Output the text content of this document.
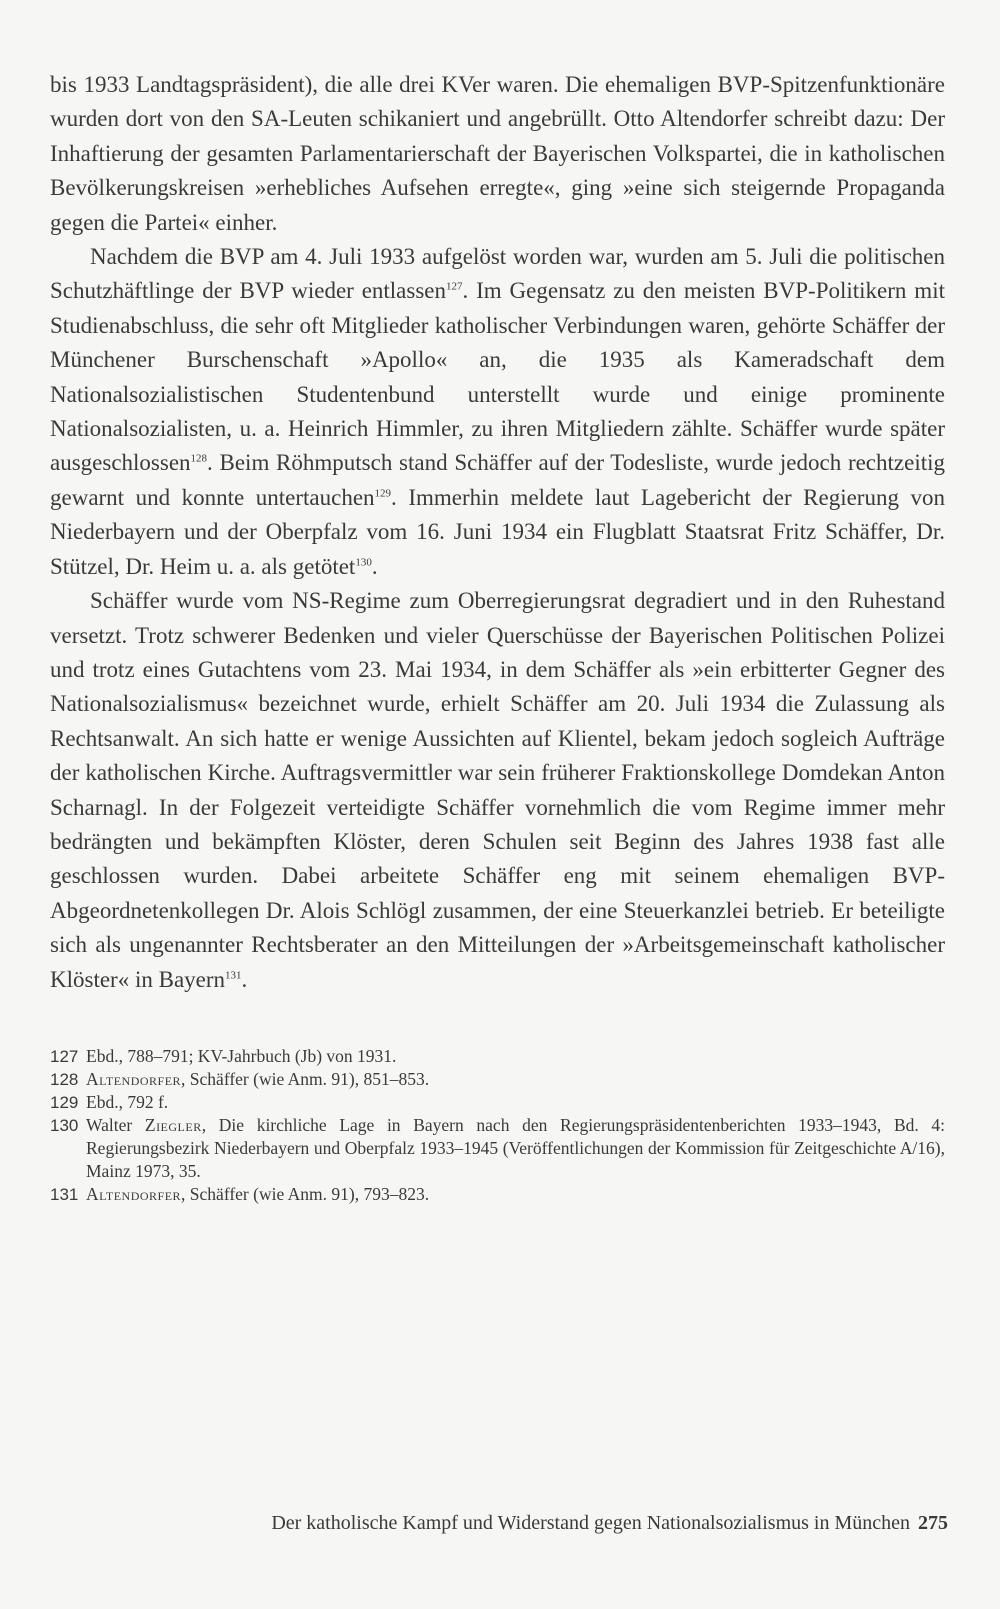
bis 1933 Landtagspräsident), die alle drei KVer waren. Die ehemaligen BVP-Spitzenfunktionäre wurden dort von den SA-Leuten schikaniert und angebrüllt. Otto Altendorfer schreibt dazu: Der Inhaftierung der gesamten Parlamentarierschaft der Bayerischen Volkspartei, die in katholischen Bevölkerungskreisen »erhebliches Aufsehen erregte«, ging »eine sich steigernde Propaganda gegen die Partei« einher.

Nachdem die BVP am 4. Juli 1933 aufgelöst worden war, wurden am 5. Juli die politischen Schutzhäftlinge der BVP wieder entlassen$^{127}$. Im Gegensatz zu den meisten BVP-Politikern mit Studienabschluss, die sehr oft Mitglieder katholischer Verbindungen waren, gehörte Schäffer der Münchener Burschenschaft »Apollo« an, die 1935 als Kameradschaft dem Nationalsozialistischen Studentenbund unterstellt wurde und einige prominente Nationalsozialisten, u. a. Heinrich Himmler, zu ihren Mitgliedern zählte. Schäffer wurde später ausgeschlossen$^{128}$. Beim Röhmputsch stand Schäffer auf der Todesliste, wurde jedoch rechtzeitig gewarnt und konnte untertauchen$^{129}$. Immerhin meldete laut Lagebericht der Regierung von Niederbayern und der Oberpfalz vom 16. Juni 1934 ein Flugblatt Staatsrat Fritz Schäffer, Dr. Stützel, Dr. Heim u. a. als getötet$^{130}$.

Schäffer wurde vom NS-Regime zum Oberregierungsrat degradiert und in den Ruhestand versetzt. Trotz schwerer Bedenken und vieler Querschüsse der Bayerischen Politischen Polizei und trotz eines Gutachtens vom 23. Mai 1934, in dem Schäffer als »ein erbitterter Gegner des Nationalsozialismus« bezeichnet wurde, erhielt Schäffer am 20. Juli 1934 die Zulassung als Rechtsanwalt. An sich hatte er wenige Aussichten auf Klientel, bekam jedoch sogleich Aufträge der katholischen Kirche. Auftragsvermittler war sein früherer Fraktionskollege Domdekan Anton Scharnagl. In der Folgezeit verteidigte Schäffer vornehmlich die vom Regime immer mehr bedrängten und bekämpften Klöster, deren Schulen seit Beginn des Jahres 1938 fast alle geschlossen wurden. Dabei arbeitete Schäffer eng mit seinem ehemaligen BVP-Abgeordnetenkollegen Dr. Alois Schlögl zusammen, der eine Steuerkanzlei betrieb. Er beteiligte sich als ungenannter Rechtsberater an den Mitteilungen der »Arbeitsgemeinschaft katholischer Klöster« in Bayern$^{131}$.

127 Ebd., 788–791; KV-Jahrbuch (Jb) von 1931.
128 Altendorfer, Schäffer (wie Anm. 91), 851–853.
129 Ebd., 792 f.
130 Walter Ziegler, Die kirchliche Lage in Bayern nach den Regierungspräsidentenberichten 1933–1943, Bd. 4: Regierungsbezirk Niederbayern und Oberpfalz 1933–1945 (Veröffentlichungen der Kommission für Zeitgeschichte A/16), Mainz 1973, 35.
131 Altendorfer, Schäffer (wie Anm. 91), 793–823.
Der katholische Kampf und Widerstand gegen Nationalsozialismus in München 275
